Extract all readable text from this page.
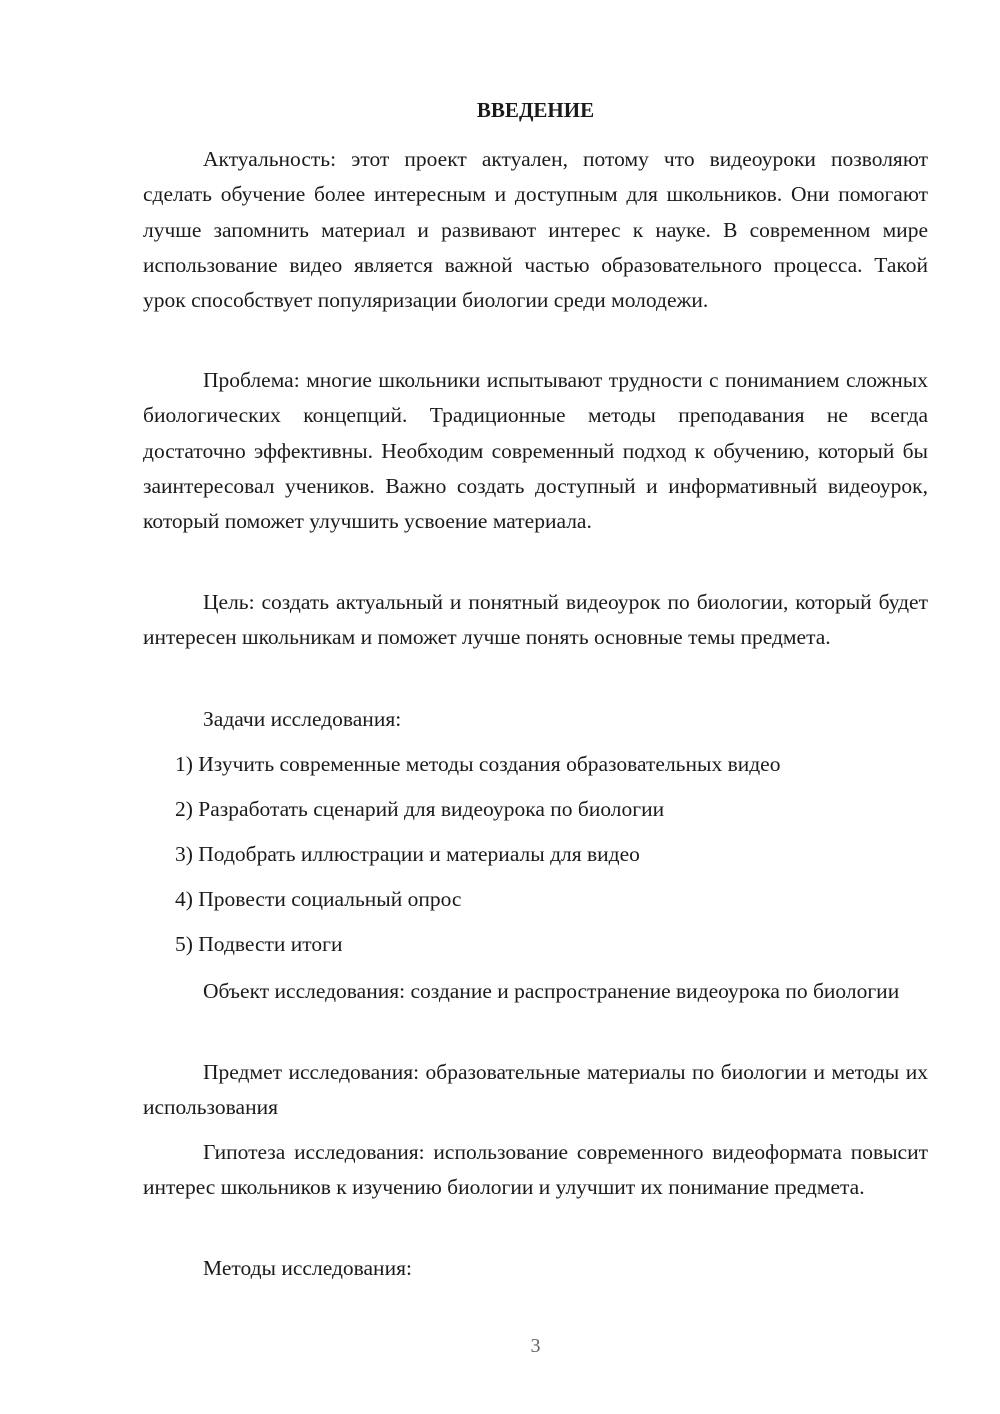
ВВЕДЕНИЕ

Актуальность: этот проект актуален, потому что видеоуроки позволяют сделать обучение более интересным и доступным для школьников. Они помогают лучше запомнить материал и развивают интерес к науке. В современном мире использование видео является важной частью образовательного процесса. Такой урок способствует популяризации биологии среди молодежи.

Проблема: многие школьники испытывают трудности с пониманием сложных биологических концепций. Традиционные методы преподавания не всегда достаточно эффективны. Необходим современный подход к обучению, который бы заинтересовал учеников. Важно создать доступный и информативный видеоурок, который поможет улучшить усвоение материала.

Цель: создать актуальный и понятный видеоурок по биологии, который будет интересен школьникам и поможет лучше понять основные темы предмета.

Задачи исследования:

1) Изучить современные методы создания образовательных видео

2) Разработать сценарий для видеоурока по биологии

3) Подобрать иллюстрации и материалы для видео

4) Провести социальный опрос

5) Подвести итоги

Объект исследования: создание и распространение видеоурока по биологии

Предмет исследования: образовательные материалы по биологии и методы их использования

Гипотеза исследования: использование современного видеоформата повысит интерес школьников к изучению биологии и улучшит их понимание предмета.

Методы исследования:

3
